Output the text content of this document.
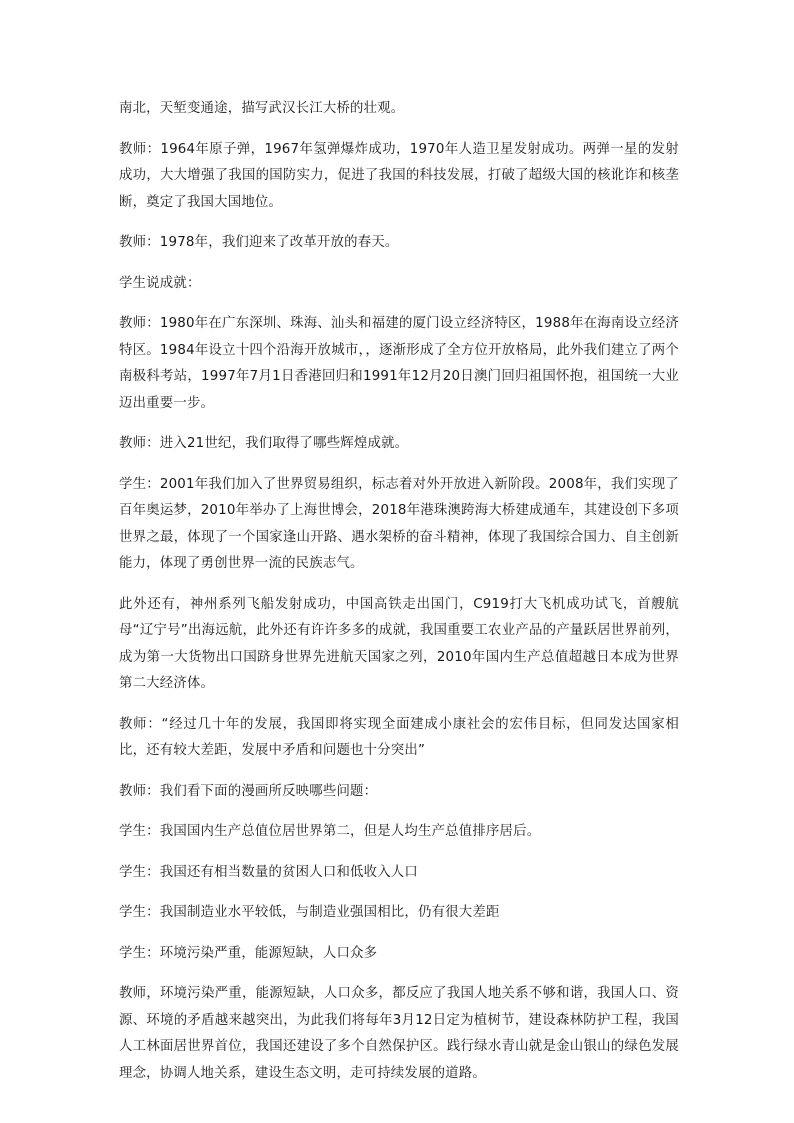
南北，天堑变通途，描写武汉长江大桥的壮观。

教师：1964年原子弹，1967年氢弹爆炸成功，1970年人造卫星发射成功。两弹一星的发射成功，大大增强了我国的国防实力，促进了我国的科技发展，打破了超级大国的核讹诈和核垄断，奠定了我国大国地位。

教师：1978年，我们迎来了改革开放的春天。

学生说成就：

教师：1980年在广东深圳、珠海、汕头和福建的厦门设立经济特区，1988年在海南设立经济特区。1984年设立十四个沿海开放城市，，逐渐形成了全方位开放格局，此外我们建立了两个南极科考站，1997年7月1日香港回归和1991年12月20日澳门回归祖国怀抱，祖国统一大业迈出重要一步。

教师：进入21世纪，我们取得了哪些辉煌成就。

学生：2001年我们加入了世界贸易组织，标志着对外开放进入新阶段。2008年，我们实现了百年奥运梦，2010年举办了上海世博会，2018年港珠澳跨海大桥建成通车，其建设创下多项世界之最，体现了一个国家逢山开路、遇水架桥的奋斗精神，体现了我国综合国力、自主创新能力，体现了勇创世界一流的民族志气。

此外还有，神州系列飞船发射成功，中国高铁走出国门，C919打大飞机成功试飞，首艘航母“辽宁号”出海远航，此外还有许许多多的成就，我国重要工农业产品的产量跃居世界前列，成为第一大货物出口国跻身世界先进航天国家之列，2010年国内生产总值超越日本成为世界第二大经济体。

教师：“经过几十年的发展，我国即将实现全面建成小康社会的宏伟目标，但同发达国家相比，还有较大差距，发展中矛盾和问题也十分突出”

教师：我们看下面的漫画所反映哪些问题：

学生：我国国内生产总值位居世界第二，但是人均生产总值排序居后。

学生：我国还有相当数量的贫困人口和低收入人口

学生：我国制造业水平较低，与制造业强国相比，仍有很大差距

学生：环境污染严重，能源短缺，人口众多

教师，环境污染严重，能源短缺，人口众多，都反应了我国人地关系不够和谐，我国人口、资源、环境的矛盾越来越突出，为此我们将每年3月12日定为植树节，建设森林防护工程，我国人工林面居世界首位，我国还建设了多个自然保护区。践行绿水青山就是金山银山的绿色发展理念，协调人地关系，建设生态文明，走可持续发展的道路。
